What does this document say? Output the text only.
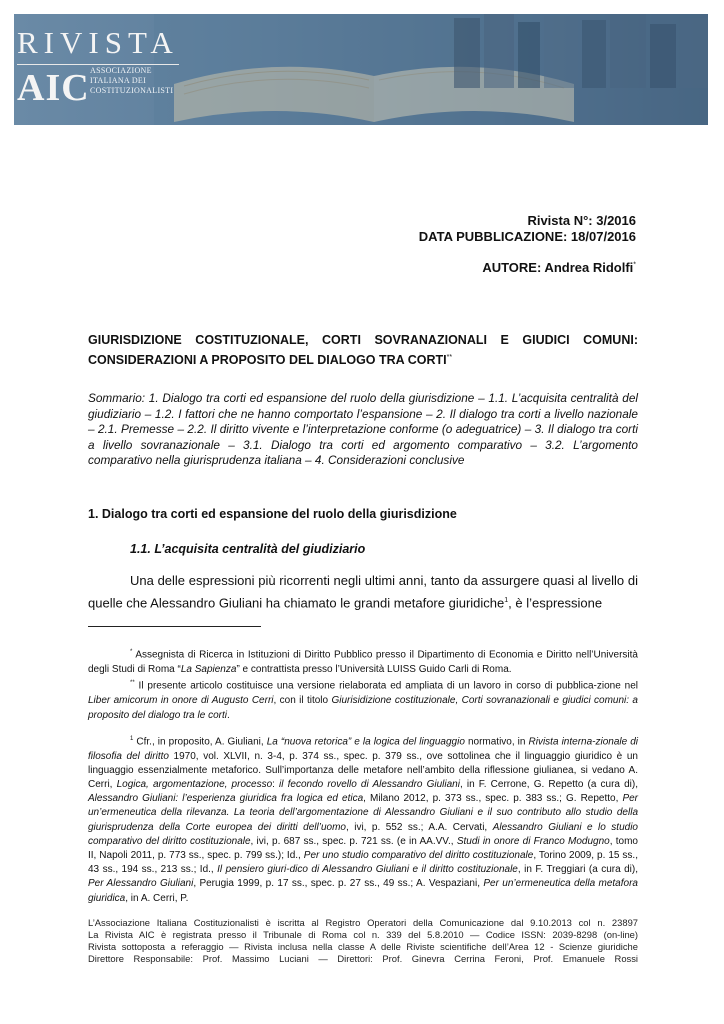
RIVISTA
AIC ASSOCIAZIONE
ITALIANA DEI
COSTITUZIONALISTI
Rivista N°: 3/2016
DATA PUBBLICAZIONE: 18/07/2016
AUTORE: Andrea Ridolfi*
GIURISDIZIONE COSTITUZIONALE, CORTI SOVRANAZIONALI E GIUDICI COMUNI: CONSIDERAZIONI A PROPOSITO DEL DIALOGO TRA CORTI**
Sommario: 1. Dialogo tra corti ed espansione del ruolo della giurisdizione – 1.1. L’acquisita centralità del giudiziario – 1.2. I fattori che ne hanno comportato l’espansione – 2. Il dialogo tra corti a livello nazionale – 2.1. Premesse – 2.2. Il diritto vivente e l’interpretazione conforme (o adeguatrice) – 3. Il dialogo tra corti a livello sovranazionale – 3.1. Dialogo tra corti ed argomento comparativo – 3.2. L’argomento comparativo nella giurisprudenza italiana – 4. Considerazioni conclusive
1. Dialogo tra corti ed espansione del ruolo della giurisdizione
1.1. L’acquisita centralità del giudiziario
Una delle espressioni più ricorrenti negli ultimi anni, tanto da assurgere quasi al livello di quelle che Alessandro Giuliani ha chiamato le grandi metafore giuridiche$^1$, è l’espressione
* Assegnista di Ricerca in Istituzioni di Diritto Pubblico presso il Dipartimento di Economia e Diritto nell’Università degli Studi di Roma “La Sapienza” e contrattista presso l’Università LUISS Guido Carli di Roma.
** Il presente articolo costituisce una versione rielaborata ed ampliata di un lavoro in corso di pubblica-zione nel Liber amicorum in onore di Augusto Cerri, con il titolo Giurisidizione costituzionale, Corti sovranazionali e giudici comuni: a proposito del dialogo tra le corti.
$^1$ Cfr., in proposito, A. Giuliani, La “nuova retorica” e la logica del linguaggio normativo, in Rivista interna-zionale di filosofia del diritto 1970, vol. XLVII, n. 3-4, p. 374 ss., spec. p. 379 ss., ove sottolinea che il linguaggio giuridico è un linguaggio essenzialmente metaforico. Sull’importanza delle metafore nell’ambito della riflessione giulianea, si vedano A. Cerri, Logica, argomentazione, processo: il fecondo rovello di Alessandro Giuliani, in F. Cerrone, G. Repetto (a cura di), Alessandro Giuliani: l’esperienza giuridica fra logica ed etica, Milano 2012, p. 373 ss., spec. p. 383 ss.; G. Repetto, Per un’ermeneutica della rilevanza. La teoria dell’argomentazione di Alessandro Giuliani e il suo contributo allo studio della giurisprudenza della Corte europea dei diritti dell’uomo, ivi, p. 552 ss.; A.A. Cervati, Alessandro Giuliani e lo studio comparativo del diritto costituzionale, ivi, p. 687 ss., spec. p. 721 ss. (e in AA.VV., Studi in onore di Franco Modugno, tomo II, Napoli 2011, p. 773 ss., spec. p. 799 ss.); Id., Per uno studio comparativo del diritto costituzionale, Torino 2009, p. 15 ss., 43 ss., 194 ss., 213 ss.; Id., Il pensiero giuri-dico di Alessandro Giuliani e il diritto costituzionale, in F. Treggiari (a cura di), Per Alessandro Giuliani, Perugia 1999, p. 17 ss., spec. p. 27 ss., 49 ss.; A. Vespaziani, Per un’ermeneutica della metafora giuridica, in A. Cerri, P.
L’Associazione Italiana Costituzionalisti è iscritta al Registro Operatori della Comunicazione dal 9.10.2013 col n. 23897
La Rivista AIC è registrata presso il Tribunale di Roma col n. 339 del 5.8.2010 — Codice ISSN: 2039-8298 (on-line)
Rivista sottoposta a referaggio — Rivista inclusa nella classe A delle Riviste scientifiche dell’Area 12 - Scienze giuridiche
Direttore Responsabile: Prof. Massimo Luciani — Direttori: Prof. Ginevra Cerrina Feroni, Prof. Emanuele Rossi
